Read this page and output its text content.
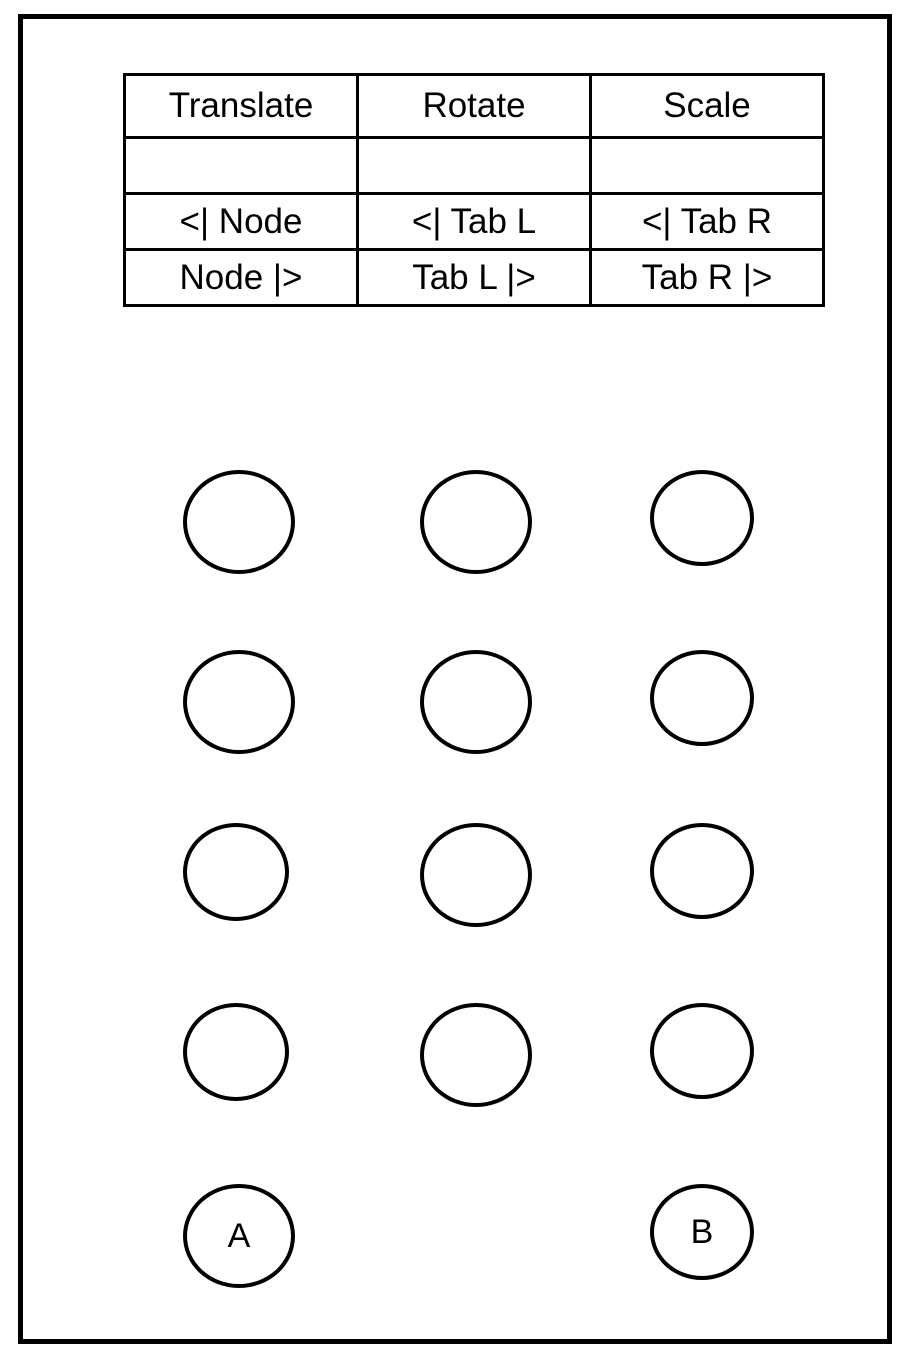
Translate	Rotate	Scale

<| Node	<| Tab L	<| Tab R
Node |>	Tab L |>	Tab R |>
A	B
